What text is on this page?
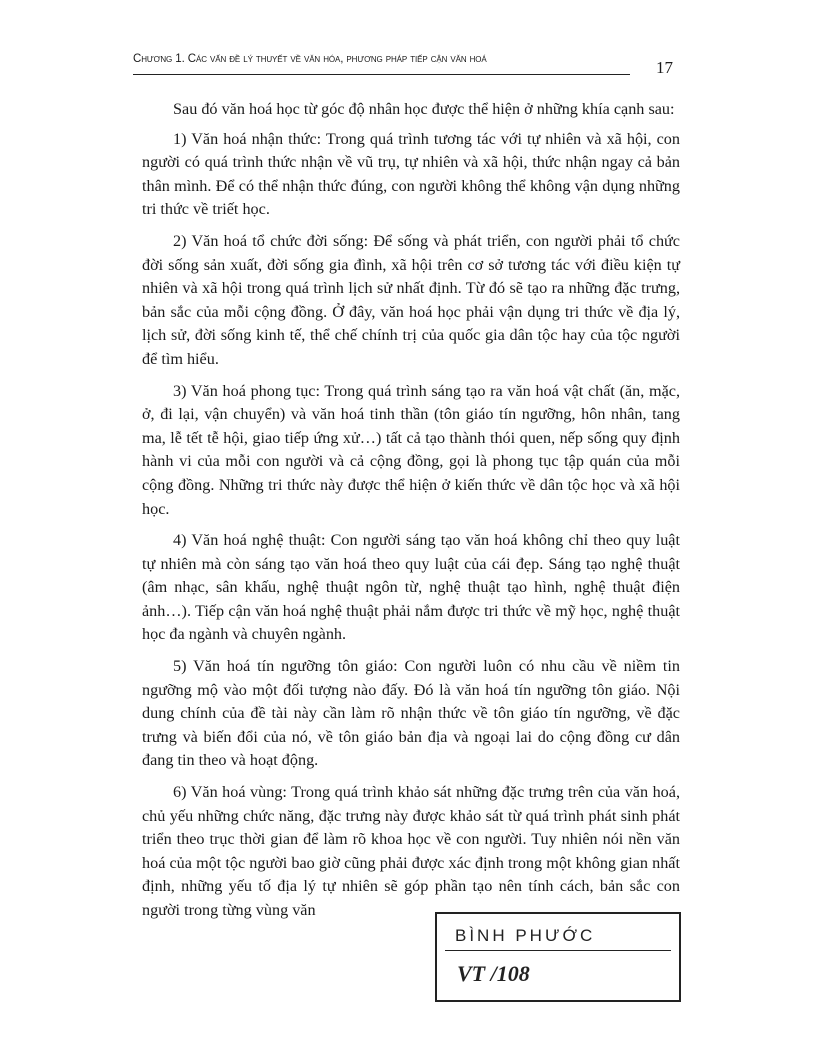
Chương 1. Các vấn đề lý thuyết về văn hóa, phương pháp tiếp cận văn hoá	17

Sau đó văn hoá học từ góc độ nhân học được thể hiện ở những khía cạnh sau:

1) Văn hoá nhận thức: Trong quá trình tương tác với tự nhiên và xã hội, con người có quá trình thức nhận về vũ trụ, tự nhiên và xã hội, thức nhận ngay cả bản thân mình. Để có thể nhận thức đúng, con người không thể không vận dụng những tri thức về triết học.

2) Văn hoá tổ chức đời sống: Để sống và phát triển, con người phải tổ chức đời sống sản xuất, đời sống gia đình, xã hội trên cơ sở tương tác với điều kiện tự nhiên và xã hội trong quá trình lịch sử nhất định. Từ đó sẽ tạo ra những đặc trưng, bản sắc của mỗi cộng đồng. Ở đây, văn hoá học phải vận dụng tri thức về địa lý, lịch sử, đời sống kinh tế, thể chế chính trị của quốc gia dân tộc hay của tộc người để tìm hiểu.

3) Văn hoá phong tục: Trong quá trình sáng tạo ra văn hoá vật chất (ăn, mặc, ở, đi lại, vận chuyển) và văn hoá tinh thần (tôn giáo tín ngưỡng, hôn nhân, tang ma, lễ tết tễ hội, giao tiếp ứng xử…) tất cả tạo thành thói quen, nếp sống quy định hành vi của mỗi con người và cả cộng đồng, gọi là phong tục tập quán của mỗi cộng đồng. Những tri thức này được thể hiện ở kiến thức về dân tộc học và xã hội học.

4) Văn hoá nghệ thuật: Con người sáng tạo văn hoá không chỉ theo quy luật tự nhiên mà còn sáng tạo văn hoá theo quy luật của cái đẹp. Sáng tạo nghệ thuật (âm nhạc, sân khấu, nghệ thuật ngôn từ, nghệ thuật tạo hình, nghệ thuật điện ảnh…). Tiếp cận văn hoá nghệ thuật phải nắm được tri thức về mỹ học, nghệ thuật học đa ngành và chuyên ngành.

5) Văn hoá tín ngưỡng tôn giáo: Con người luôn có nhu cầu về niềm tin ngưỡng mộ vào một đối tượng nào đấy. Đó là văn hoá tín ngưỡng tôn giáo. Nội dung chính của đề tài này cần làm rõ nhận thức về tôn giáo tín ngưỡng, về đặc trưng và biến đổi của nó, về tôn giáo bản địa và ngoại lai do cộng đồng cư dân đang tin theo và hoạt động.

6) Văn hoá vùng: Trong quá trình khảo sát những đặc trưng trên của văn hoá, chủ yếu những chức năng, đặc trưng này được khảo sát từ quá trình phát sinh phát triển theo trục thời gian để làm rõ khoa học về con người. Tuy nhiên nói nền văn hoá của một tộc người bao giờ cũng phải được xác định trong một không gian nhất định, những yếu tố địa lý tự nhiên sẽ góp phần tạo nên tính cách, bản sắc con người trong từng vùng văn

BÌNH PHƯỚC
VT /108
